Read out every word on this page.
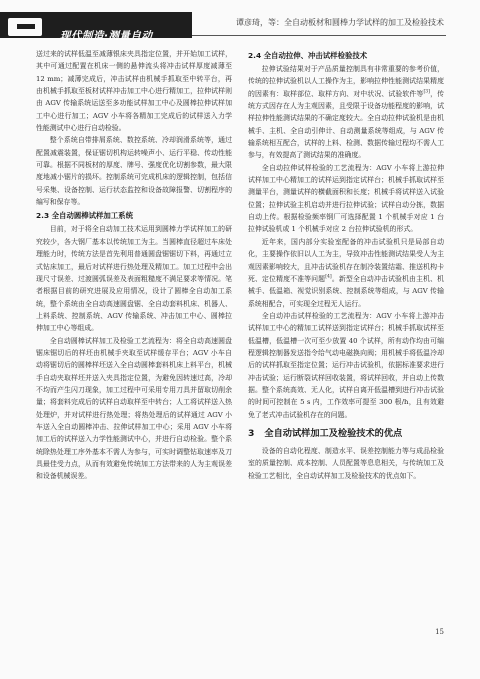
现代制造·测量自动
谭彦琦，等：全自动板材和圆棒力学试样的加工及检验技术

送过来的试样低温至减薄银床夹具指定位置，并开始加工试样，其中可通过配置在机床一侧的悬伸流头将冲击试样厚度减薄至 12 mm；减薄完成后，冲击试样由机械手抓取至中转平台，再由机械手抓取至板材试样冲击加工中心进行精加工，拉伸试样则由 AGV 传输系统运送至多功能试样加工中心及圆棒拉伸试样加工中心进行加工；AGV 小车将各精加工完成后的试样送入力学性能测试中心进行自动检验。

整个系统自带排屑系统、数控系统、冷却润滑系统等，通过配置减震装置，保证锯切机构运转噪声小、运行平稳、传动性能可靠。根据不同板材的厚度、牌号、强度优化切割参数，最大限度地减小锯片的损坏。控制系统可完成机床的逻辑控制，包括信号采集、设备控制、运行状态监控和设备故障报警、切割程序的编写和保存等。

2.3 全自动圆棒试样加工系统

目前，对于将全自动加工技术运用到圆棒力学试样加工的研究较少，各大钢厂基本以传统加工为主。当圆棒直径超过车床处理能力时，传统方法是首先利用普通圆盘锯锯切下料，再通过立式钻床加工，最后对试样进行热处理及精加工。加工过程中会出现尺寸误差、过渡圆弧误差及表面粗糙度不满足要求等情况。笔者根据目前的研究进展及应用情况，设计了圆棒全自动加工系统，整个系统由全自动高速圆盘锯、全自动套料机床、机器人、上料系统、控制系统、AGV 传输系统、冲击加工中心、圆棒拉伸加工中心等组成。

全自动圆棒试样加工及检验工艺流程为：将全自动高速圆盘锯床锯切后的样坯由机械手夹取至试样缓存平台；AGV 小车自动将锯切后的圆棒样坯送入全自动圆棒套料机床上料平台，机械手自动夹取样坯并送入夹具指定位置，为避免因转速过高，冷却不均而产生闪刀现象，加工过程中可采用专用刀具并留取切削余量；将套料完成后的试样自动取样至中转台；人工将试样送入热处理炉，并对试样进行热处理；将热处理后的试样通过 AGV 小车送入全自动圆棒冲击、拉伸试样加工中心；采用 AGV 小车将加工后的试样送入力学性能测试中心，并进行自动检验。整个系统除热处理工序外基本不需人为参与，可实时调整钻取速率及刀具最佳受力点，从而有效避免传统加工方法带来的人为主观误差和设备机械误差。

2.4 全自动拉伸、冲击试样检验技术

拉伸试验结果对于产品质量控制具有非常重要的参考价值，传统的拉伸试验机以人工操作为主，影响拉伸性能测试结果精度的因素有：取样部位、取样方向、对中状况、试验软件等[3]，传统方式因存在人为主观因素，且受限于设备功能程度的影响，试样拉伸性能测试结果的不确定度较大。全自动拉伸试验机是由机械手、主机、全自动引伸计、自动测量系统等组成，与 AGV 传输系统相互配合，试样的上料、检测、数据传输过程均不需人工参与，有效提高了测试结果的准确度。

全自动拉伸试样检验的工艺流程为：AGV 小车将上游拉伸试样加工中心精加工的试样运到指定试样台；机械手抓取试样至测量平台，测量试样的横截面积和长度；机械手将试样送入试验位置；拉伸试验主机启动并进行拉伸试验；试样自动分拣，数据自动上传。根据检验频率钢厂可选择配置 1 个机械手对应 1 台拉伸试验机或 1 个机械手对应 2 台拉伸试验机的形式。

近年来，国内部分实验室配备的冲击试验机只是局部自动化，主要操作依旧以人工为主，导致冲击性能测试结果受人为主观因素影响较大，且冲击试验机存在制冷装置结霜、推送机构卡死、定位精度不准等问题[4]。新型全自动冲击试验机由主机、机械手、低温箱、视觉识别系统、控制系统等组成，与 AGV 传输系统相配合，可实现全过程无人运行。

全自动冲击试样检验的工艺流程为：AGV 小车将上游冲击试样加工中心的精加工试样送到指定试样台；机械手抓取试样至低温槽，低温槽一次可至少放置 40 个试样，所有动作均由可编程逻辑控制器发送指令给气动电磁换向阀；用机械手将低温冷却后的试样抓取至指定位置；运行冲击试验机，依据标准要求进行冲击试验；运行断裂试样回收装置，将试样回收，并自动上传数据。整个系统高效、无人化，试样自离开低温槽到进行冲击试验的时间可控制在 5 s 内，工作效率可提至 300 根/h，且有效避免了老式冲击试验机存在的问题。

3 全自动试样加工及检验技术的优点

设备的自动化程度、制造水平、误差控制能力等与成品检验室的质量控制、成本控制、人员配置等息息相关，与传统加工及检验工艺相比，全自动试样加工及检验技术的优点如下。

15
